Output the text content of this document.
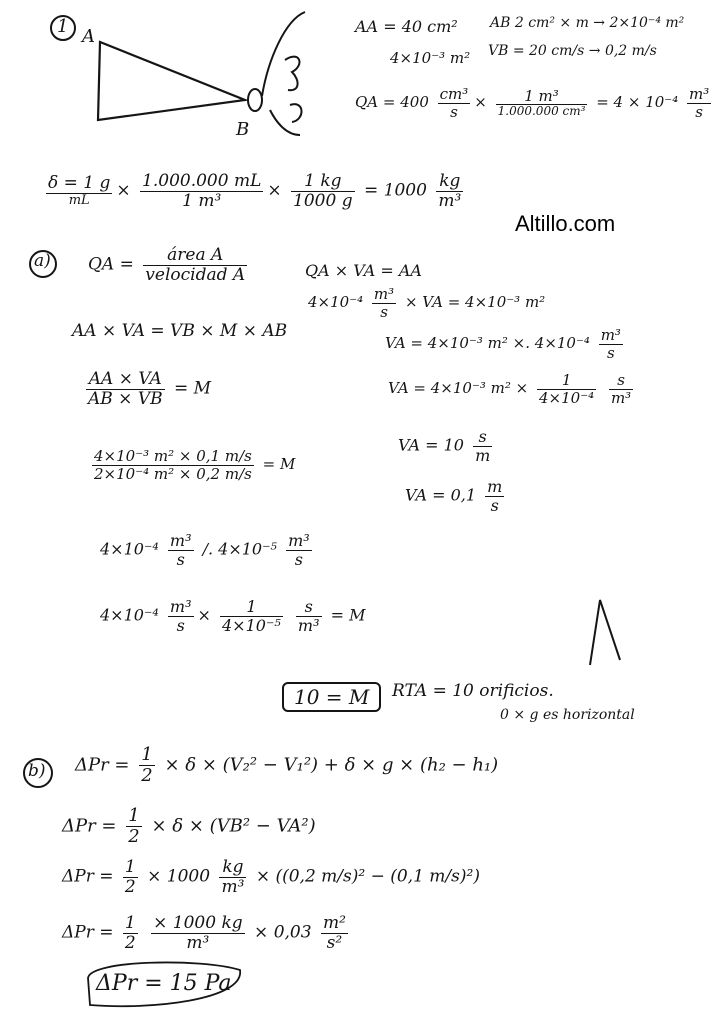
1 A
B
AA = 40 cm² AB 2 cm² × m → 2×10⁻⁴ m²
4×10⁻³ m² VB = 20 cm/s → 0,2 m/s
QA = $400 \frac{\text{cm³}}{s} \times \frac{\text{1 m³}}{\text{1.000.000 cm³}} = 4 \times 10^{-4} \frac{\text{m³}}{s}$
$\frac{\delta = 1 g}{mL} \times \frac{1.000.000 mL}{\text{1 m³}} \times \frac{1 kg}{1000 g} = 1000 \frac{kg}{\text{m³}}$
Altillo.com
a) QA = $\frac{\text{área A}}{\text{velocidad A}}$
AA × VA = VB × M × AB
$\frac{AA \times VA}{AB \times VB} = M$
$\frac{\text{4×10⁻³ m² × 0,1 m/s}}{\text{2×10⁻⁴ m² × 0,2 m/s}} = M$
$4\times 10^{-4} \frac{\text{m³}}{s}$ /. $4\times 10^{-5} \frac{\text{m³}}{s}$
$4\times 10^{-4} \frac{\text{m³}}{s} \times \frac{1}{\text{4×10⁻⁵}}$
$\frac{s}{\text{m³}} = M$
QA × VA = AA
$4\times 10^{-4} \frac{\text{m³}}{s}$ × VA = 4×10⁻³ m²
VA = 4×10⁻³ m² ×. $4\times 10^{-4} \frac{\text{m³}}{s}$
VA = 4×10⁻³ $m^2 \times \frac{1}{\text{4×10⁻⁴}}$
$\frac{s}{\text{m³}}$
VA = $10 \frac{s}{m}$
VA = $0,1 \frac{m}{s}$
10 = M	RTA = 10 orificios.
0 × g es horizontal
b) $\Delta Pr = \frac{1}{2} \times \delta \times (V_2^2 - V_1^2) + \delta \times g \times (h_2 - h_1)$
$\Delta Pr = \frac{1}{2} \times \delta \times (VB^2 - VA^2)$
$\Delta Pr = \frac{1}{2} \times 1000 \frac{kg}{\text{m³}} \times ((0,2$ m/s)² − (0,1 m/s)²)
$\Delta Pr = \frac{1}{2}$
$\frac{\times 1000 kg}{\text{m³}} \times 0,03 \frac{\text{m²}}{\text{s²}}$
ΔPr = 15 Pa
